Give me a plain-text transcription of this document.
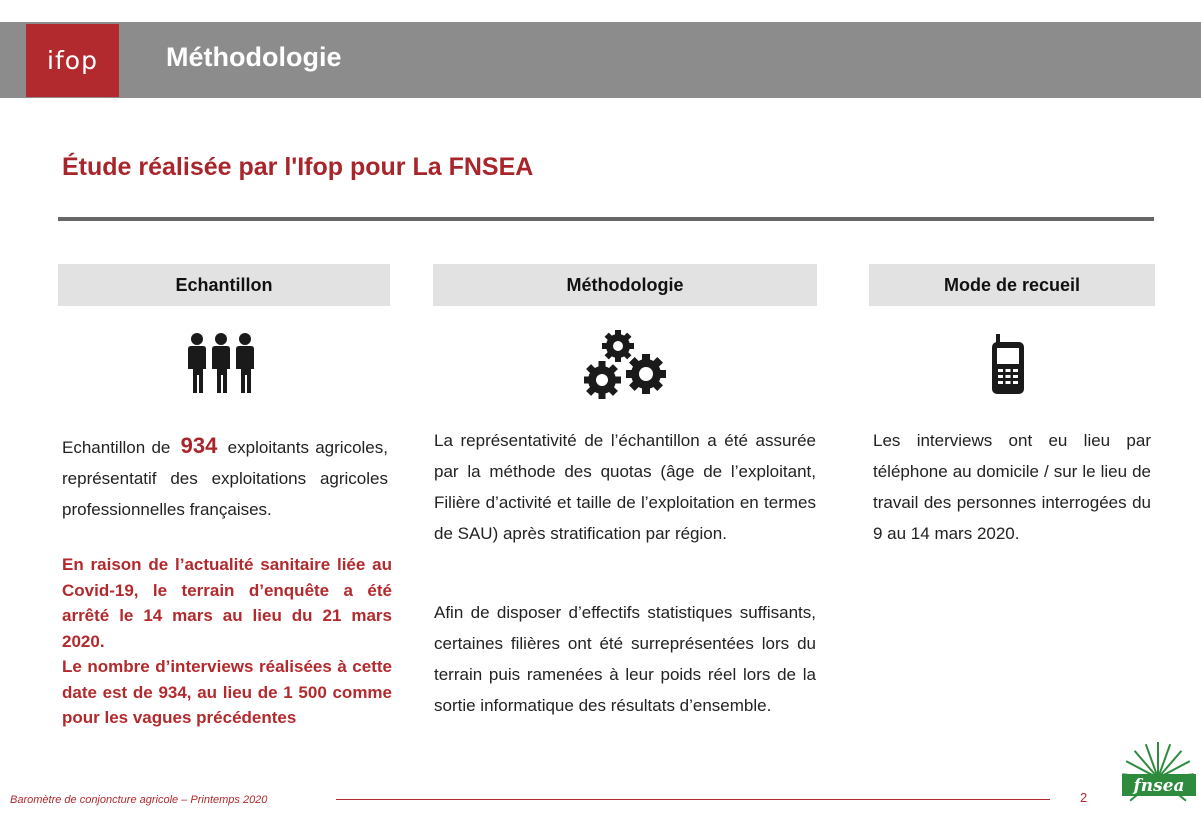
ifop	Méthodologie
Étude réalisée par l'Ifop pour La FNSEA
Echantillon	Méthodologie	Mode de recueil
Echantillon de 934 exploitants agricoles, représentatif des exploitations agricoles professionnelles françaises.
En raison de l’actualité sanitaire liée au Covid-19, le terrain d’enquête a été arrêté le 14 mars au lieu du 21 mars 2020.
Le nombre d’interviews réalisées à cette date est de 934, au lieu de 1 500 comme pour les vagues précédentes
La représentativité de l’échantillon a été assurée par la méthode des quotas (âge de l’exploitant, Filière d’activité et taille de l’exploitation en termes de SAU) après stratification par région.
Afin de disposer d’effectifs statistiques suffisants, certaines filières ont été surreprésentées lors du terrain puis ramenées à leur poids réel lors de la sortie informatique des résultats d’ensemble.
Les interviews ont eu lieu par téléphone au domicile / sur le lieu de travail des personnes interrogées du 9 au 14 mars 2020.
Baromètre de conjoncture agricole – Printemps 2020	2
fnsea
